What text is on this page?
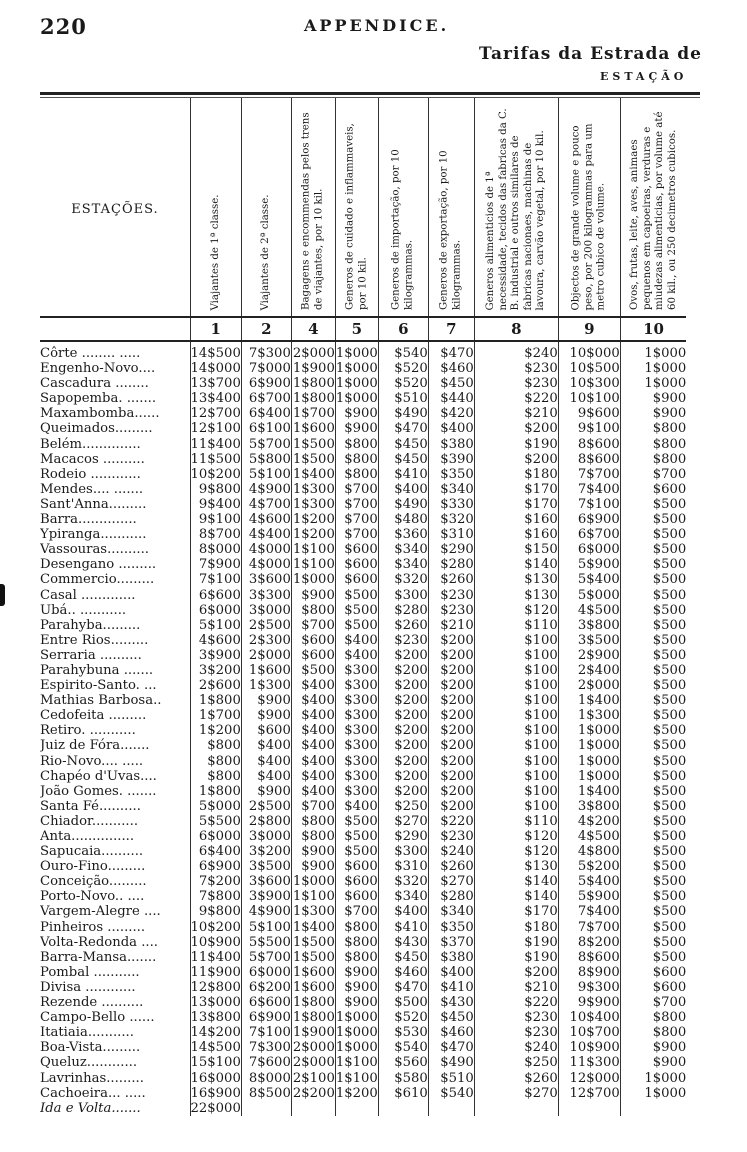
220	APPENDICE.
Tarifas da Estrada de
ESTAÇÃO
ESTAÇÕES.	Viajantes de 1ª classe.	Viajantes de 2ª classe.	Bagagens e encommendas pelos trens de viajantes, por 10 kil.	Generos de cuidado e inflammaveis, por 10 kil.	Generos de importação, por 10 kilogrammas.	Generos de exportação, por 10 kilogrammas.	Generos alimenticios de 1ª necessidade, tecidos das fabricas da C. B. industrial e outros similares de fabricas nacionaes, machinas de lavoura, carvão vegetal, por 10 kil.	Objectos de grande volume e pouco peso, por 200 kilogrammas para um metro cubico de volume.	Ovos, frutas, leite, aves, animaes pequenos em capoeiras, verduras e miudezas alimenticias, por volume até 60 kil., ou 250 decimetros cubicos.

	1	2	4	5	6	7	8	9	10
Côrte ........ .....	14$500	7$300	2$000	1$000	$540	$470	$240	10$000	1$000
Engenho-Novo....	14$000	7$000	1$900	1$000	$520	$460	$230	10$500	1$000
Cascadura ........	13$700	6$900	1$800	1$000	$520	$450	$230	10$300	1$000
Sapopemba. .......	13$400	6$700	1$800	1$000	$510	$440	$220	10$100	$900
Maxambomba......	12$700	6$400	1$700	$900	$490	$420	$210	9$600	$900
Queimados.........	12$100	6$100	1$600	$900	$470	$400	$200	9$100	$800
Belém..............	11$400	5$700	1$500	$800	$450	$380	$190	8$600	$800
Macacos ..........	11$500	5$800	1$500	$800	$450	$390	$200	8$600	$800
Rodeio ............	10$200	5$100	1$400	$800	$410	$350	$180	7$700	$700
Mendes.... .......	9$800	4$900	1$300	$700	$400	$340	$170	7$400	$600
Sant'Anna.........	9$400	4$700	1$300	$700	$490	$330	$170	7$100	$500
Barra..............	9$100	4$600	1$200	$700	$480	$320	$160	6$900	$500
Ypiranga...........	8$700	4$400	1$200	$700	$360	$310	$160	6$700	$500
Vassouras..........	8$000	4$000	1$100	$600	$340	$290	$150	6$000	$500
Desengano .........	7$900	4$000	1$100	$600	$340	$280	$140	5$900	$500
Commercio.........	7$100	3$600	1$000	$600	$320	$260	$130	5$400	$500
Casal .............	6$600	3$300	$900	$500	$300	$230	$130	5$000	$500
Ubá.. ...........	6$000	3$000	$800	$500	$280	$230	$120	4$500	$500
Parahyba.........	5$100	2$500	$700	$500	$260	$210	$110	3$800	$500
Entre Rios.........	4$600	2$300	$600	$400	$230	$200	$100	3$500	$500
Serraria ..........	3$900	2$000	$600	$400	$200	$200	$100	2$900	$500
Parahybuna .......	3$200	1$600	$500	$300	$200	$200	$100	2$400	$500
Espirito-Santo. ...	2$600	1$300	$400	$300	$200	$200	$100	2$000	$500
Mathias Barbosa..	1$800	$900	$400	$300	$200	$200	$100	1$400	$500
Cedofeita .........	1$700	$900	$400	$300	$200	$200	$100	1$300	$500
Retiro. ...........	1$200	$600	$400	$300	$200	$200	$100	1$000	$500
Juiz de Fóra.......	$800	$400	$400	$300	$200	$200	$100	1$000	$500
Rio-Novo.... .....	$800	$400	$400	$300	$200	$200	$100	1$000	$500
Chapéo d'Uvas....	$800	$400	$400	$300	$200	$200	$100	1$000	$500
João Gomes. .......	1$800	$900	$400	$300	$200	$200	$100	1$400	$500
Santa Fé..........	5$000	2$500	$700	$400	$250	$200	$100	3$800	$500
Chiador...........	5$500	2$800	$800	$500	$270	$220	$110	4$200	$500
Anta...............	6$000	3$000	$800	$500	$290	$230	$120	4$500	$500
Sapucaia..........	6$400	3$200	$900	$500	$300	$240	$120	4$800	$500
Ouro-Fino.........	6$900	3$500	$900	$600	$310	$260	$130	5$200	$500
Conceição.........	7$200	3$600	1$000	$600	$320	$270	$140	5$400	$500
Porto-Novo.. ....	7$800	3$900	1$100	$600	$340	$280	$140	5$900	$500
Vargem-Alegre ....	9$800	4$900	1$300	$700	$400	$340	$170	7$400	$500
Pinheiros .........	10$200	5$100	1$400	$800	$410	$350	$180	7$700	$500
Volta-Redonda ....	10$900	5$500	1$500	$800	$430	$370	$190	8$200	$500
Barra-Mansa.......	11$400	5$700	1$500	$800	$450	$380	$190	8$600	$500
Pombal ...........	11$900	6$000	1$600	$900	$460	$400	$200	8$900	$600
Divisa ............	12$800	6$200	1$600	$900	$470	$410	$210	9$300	$600
Rezende ..........	13$000	6$600	1$800	$900	$500	$430	$220	9$900	$700
Campo-Bello ......	13$800	6$900	1$800	1$000	$520	$450	$230	10$400	$800
Itatiaia...........	14$200	7$100	1$900	1$000	$530	$460	$230	10$700	$800
Boa-Vista.........	14$500	7$300	2$000	1$000	$540	$470	$240	10$900	$900
Queluz............	15$100	7$600	2$000	1$100	$560	$490	$250	11$300	$900
Lavrinhas.........	16$000	8$000	2$100	1$100	$580	$510	$260	12$000	1$000
Cachoeira... .....	16$900	8$500	2$200	1$200	$610	$540	$270	12$700	1$000
Ida e Volta.......	22$000								
